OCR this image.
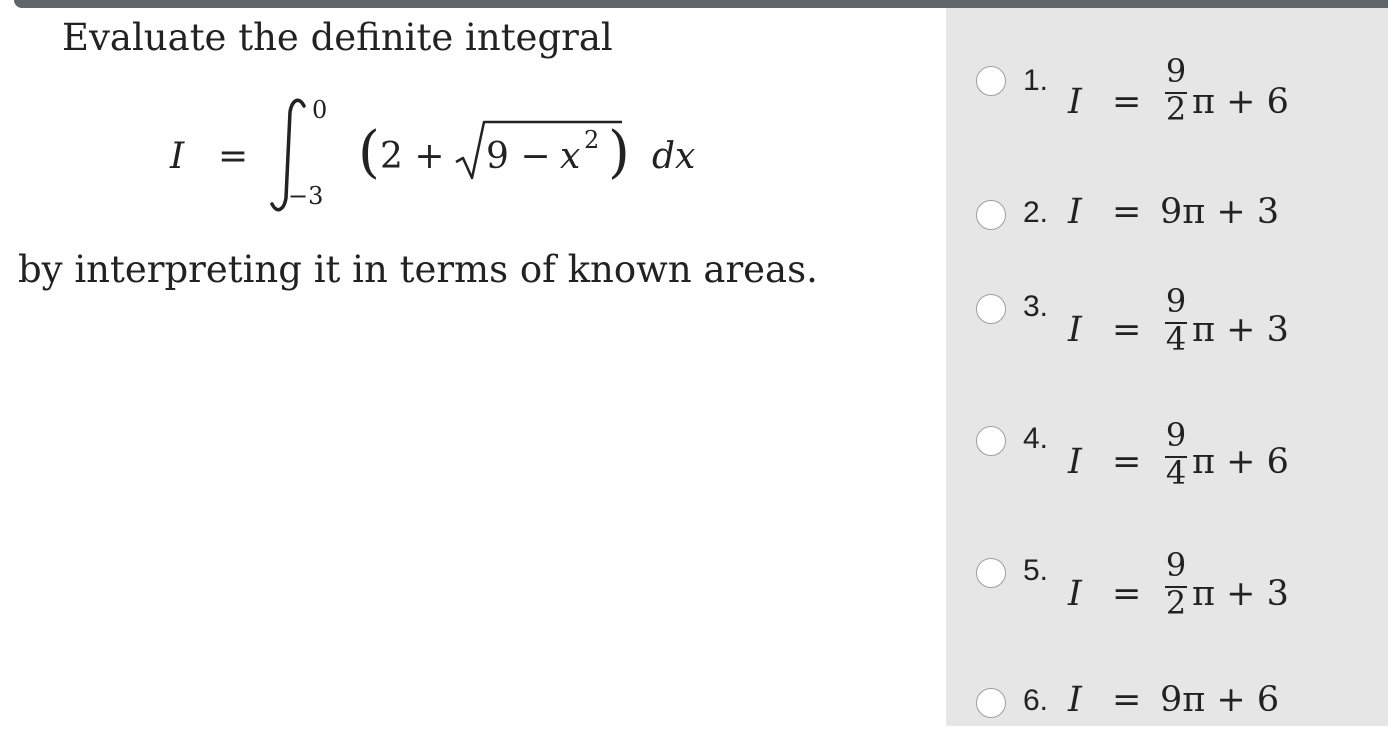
Evaluate the definite integral
I =
0
−3
( 2 + 9 − x 2 ) dx
by interpreting it in terms of known areas.
1.
I =
9
2 π + 6
2. I = 9π + 3
3.
I =
9
4 π + 3
4.
I =
9
4 π + 6
5.
I =
9
2 π + 3
6. I = 9π + 6
